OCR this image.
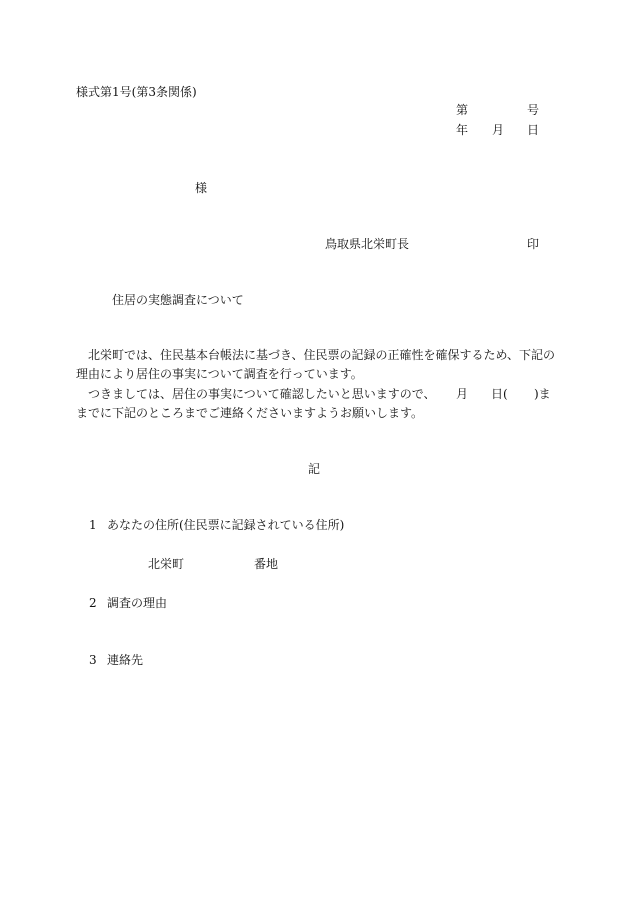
様式第1号(第3条関係)

第	号

年 月 日

様

鳥取県北栄町長	印

住居の実態調査について

北栄町では、住民基本台帳法に基づき、住民票の記録の正確性を確保するため、下記の

理由により居住の事実について調査を行っています。

つきましては、居住の事実について確認したいと思いますので、 月 日( )ま

までに下記のところまでご連絡くださいますようお願いします。

記

1 あなたの住所(住民票に記録されている住所)

北栄町	番地

2 調査の理由

3 連絡先
